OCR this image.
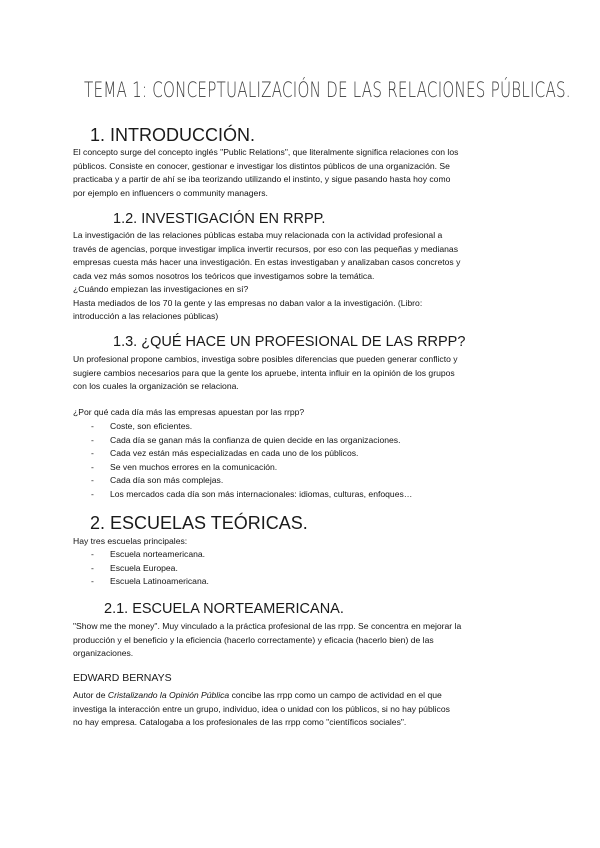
TEMA 1: CONCEPTUALIZACIÓN DE LAS RELACIONES PÚBLICAS.
1. INTRODUCCIÓN.
El concepto surge del concepto inglés "Public Relations", que literalmente significa relaciones con los
públicos. Consiste en conocer, gestionar e investigar los distintos públicos de una organización. Se
practicaba y a partir de ahí se iba teorizando utilizando el instinto, y sigue pasando hasta hoy como
por ejemplo en influencers o community managers.
1.2. INVESTIGACIÓN EN RRPP.
La investigación de las relaciones públicas estaba muy relacionada con la actividad profesional a
través de agencias, porque investigar implica invertir recursos, por eso con las pequeñas y medianas
empresas cuesta más hacer una investigación. En estas investigaban y analizaban casos concretos y
cada vez más somos nosotros los teóricos que investigamos sobre la temática.
¿Cuándo empiezan las investigaciones en sí?
Hasta mediados de los 70 la gente y las empresas no daban valor a la investigación. (Libro:
introducción a las relaciones públicas)
1.3. ¿QUÉ HACE UN PROFESIONAL DE LAS RRPP?
Un profesional propone cambios, investiga sobre posibles diferencias que pueden generar conflicto y
sugiere cambios necesarios para que la gente los apruebe, intenta influir en la opinión de los grupos
con los cuales la organización se relaciona.
¿Por qué cada día más las empresas apuestan por las rrpp?
- Coste, son eficientes.
- Cada día se ganan más la confianza de quien decide en las organizaciones.
- Cada vez están más especializadas en cada uno de los públicos.
- Se ven muchos errores en la comunicación.
- Cada día son más complejas.
- Los mercados cada día son más internacionales: idiomas, culturas, enfoques…
2. ESCUELAS TEÓRICAS.
Hay tres escuelas principales:
- Escuela norteamericana.
- Escuela Europea.
- Escuela Latinoamericana.
2.1. ESCUELA NORTEAMERICANA.
"Show me the money". Muy vinculado a la práctica profesional de las rrpp. Se concentra en mejorar la
producción y el beneficio y la eficiencia (hacerlo correctamente) y eficacia (hacerlo bien) de las
organizaciones.
EDWARD BERNAYS
Autor de Cristalizando la Opinión Pública concibe las rrpp como un campo de actividad en el que
investiga la interacción entre un grupo, individuo, idea o unidad con los públicos, si no hay públicos
no hay empresa. Catalogaba a los profesionales de las rrpp como "científicos sociales".
